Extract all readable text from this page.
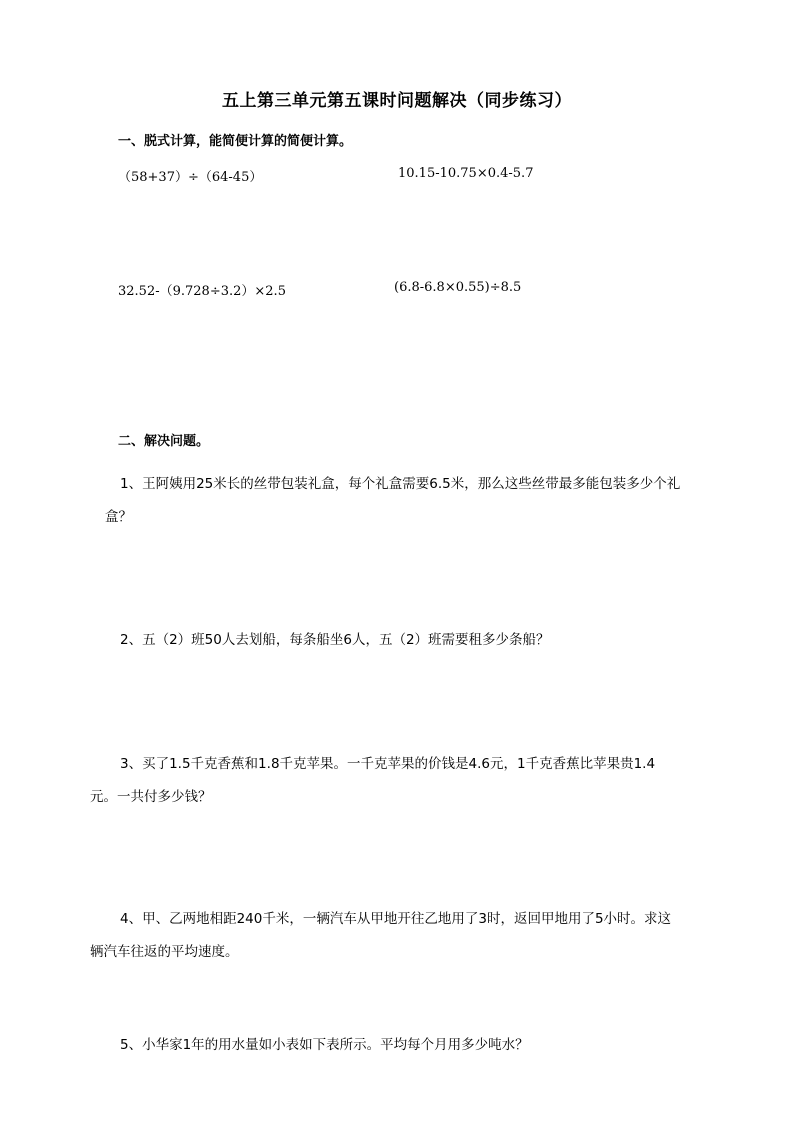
五上第三单元第五课时问题解决（同步练习）
一、脱式计算，能简便计算的简便计算。
（58+37）÷（64-45）	10.15-10.75×0.4-5.7
32.52-（9.728÷3.2）×2.5	(6.8-6.8×0.55)÷8.5
二、解决问题。
1、王阿姨用25米长的丝带包装礼盒，每个礼盒需要6.5米，那么这些丝带最多能包装多少个礼
盒？
2、五（2）班50人去划船，每条船坐6人，五（2）班需要租多少条船？
3、买了1.5千克香蕉和1.8千克苹果。一千克苹果的价钱是4.6元，1千克香蕉比苹果贵1.4
元。一共付多少钱？
4、甲、乙两地相距240千米，一辆汽车从甲地开往乙地用了3时，返回甲地用了5小时。求这
辆汽车往返的平均速度。
5、小华家1年的用水量如小表如下表所示。平均每个月用多少吨水？
